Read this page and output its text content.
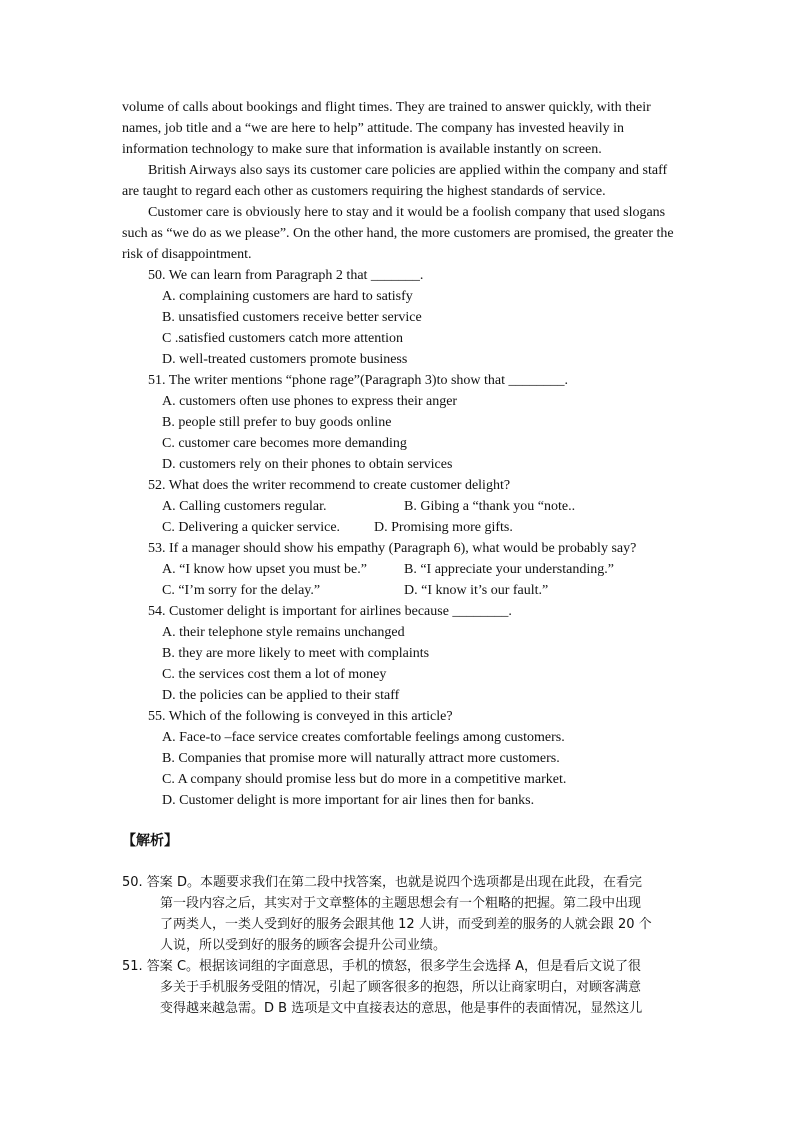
volume of calls about bookings and flight times. They are trained to answer quickly, with their
names, job title and a “we are here to help” attitude. The company has invested heavily in
information technology to make sure that information is available instantly on screen.
British Airways also says its customer care policies are applied within the company and staff
are taught to regard each other as customers requiring the highest standards of service.
Customer care is obviously here to stay and it would be a foolish company that used slogans
such as “we do as we please”. On the other hand, the more customers are promised, the greater the
risk of disappointment.
50. We can learn from Paragraph 2 that _______.
A. complaining customers are hard to satisfy
B. unsatisfied customers receive better service
C .satisfied customers catch more attention
D. well-treated customers promote business
51. The writer mentions “phone rage”(Paragraph 3)to show that ________.
A. customers often use phones to express their anger
B. people still prefer to buy goods online
C. customer care becomes more demanding
D. customers rely on their phones to obtain services
52. What does the writer recommend to create customer delight?
A. Calling customers regular.	B. Gibing a “thank you “note..
C. Delivering a quicker service. D. Promising more gifts.
53. If a manager should show his empathy (Paragraph 6), what would be probably say?
A. “I know how upset you must be.”	B. “I appreciate your understanding.”
C. “I’m sorry for the delay.”	D. “I know it’s our fault.”
54. Customer delight is important for airlines because ________.
A. their telephone style remains unchanged
B. they are more likely to meet with complaints
C. the services cost them a lot of money
D. the policies can be applied to their staff
55. Which of the following is conveyed in this article?
A. Face-to –face service creates comfortable feelings among customers.
B. Companies that promise more will naturally attract more customers.
C. A company should promise less but do more in a competitive market.
D. Customer delight is more important for air lines then for banks.
【解析】
50. 答案 D。本题要求我们在第二段中找答案，也就是说四个选项都是出现在此段，在看完
第一段内容之后，其实对于文章整体的主题思想会有一个粗略的把握。第二段中出现
了两类人，一类人受到好的服务会跟其他 12 人讲，而受到差的服务的人就会跟 20 个
人说，所以受到好的服务的顾客会提升公司业绩。
51. 答案 C。根据该词组的字面意思，手机的愤怒，很多学生会选择 A，但是看后文说了很
多关于手机服务受阻的情况，引起了顾客很多的抱怨，所以让商家明白，对顾客满意
变得越来越急需。D B 选项是文中直接表达的意思，他是事件的表面情况，显然这儿
